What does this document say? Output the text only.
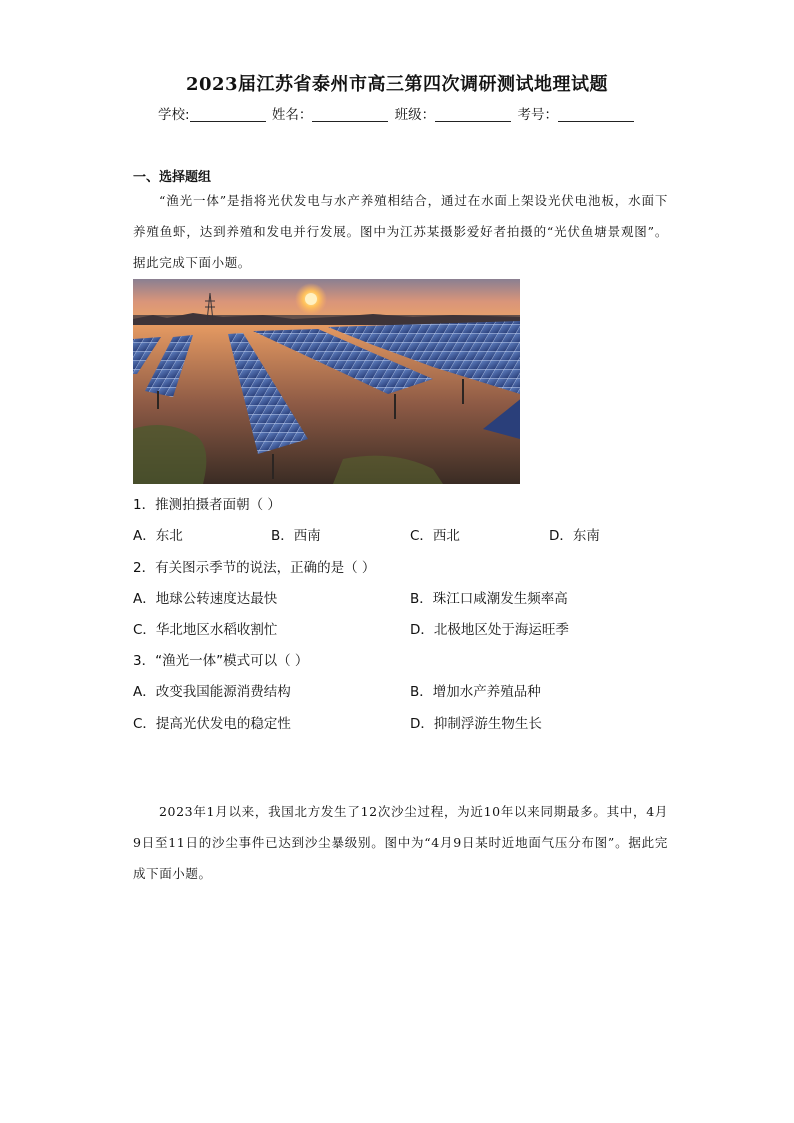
2023届江苏省泰州市高三第四次调研测试地理试题
学校:	姓名：	班级：	考号：
一、选择题组
“渔光一体”是指将光伏发电与水产养殖相结合，通过在水面上架设光伏电池板，水面下养殖鱼虾，达到养殖和发电并行发展。图中为江苏某摄影爱好者拍摄的“光伏鱼塘景观图”。据此完成下面小题。
1．推测拍摄者面朝（ ）
A．东北	B．西南	C．西北	D．东南
2．有关图示季节的说法，正确的是（ ）
A．地球公转速度达最快	B．珠江口咸潮发生频率高
C．华北地区水稻收割忙	D．北极地区处于海运旺季
3．“渔光一体”模式可以（ ）
A．改变我国能源消费结构	B．增加水产养殖品种
C．提高光伏发电的稳定性	D．抑制浮游生物生长
2023年1月以来，我国北方发生了12次沙尘过程，为近10年以来同期最多。其中，4月9日至11日的沙尘事件已达到沙尘暴级别。图中为“4月9日某时近地面气压分布图”。据此完成下面小题。
